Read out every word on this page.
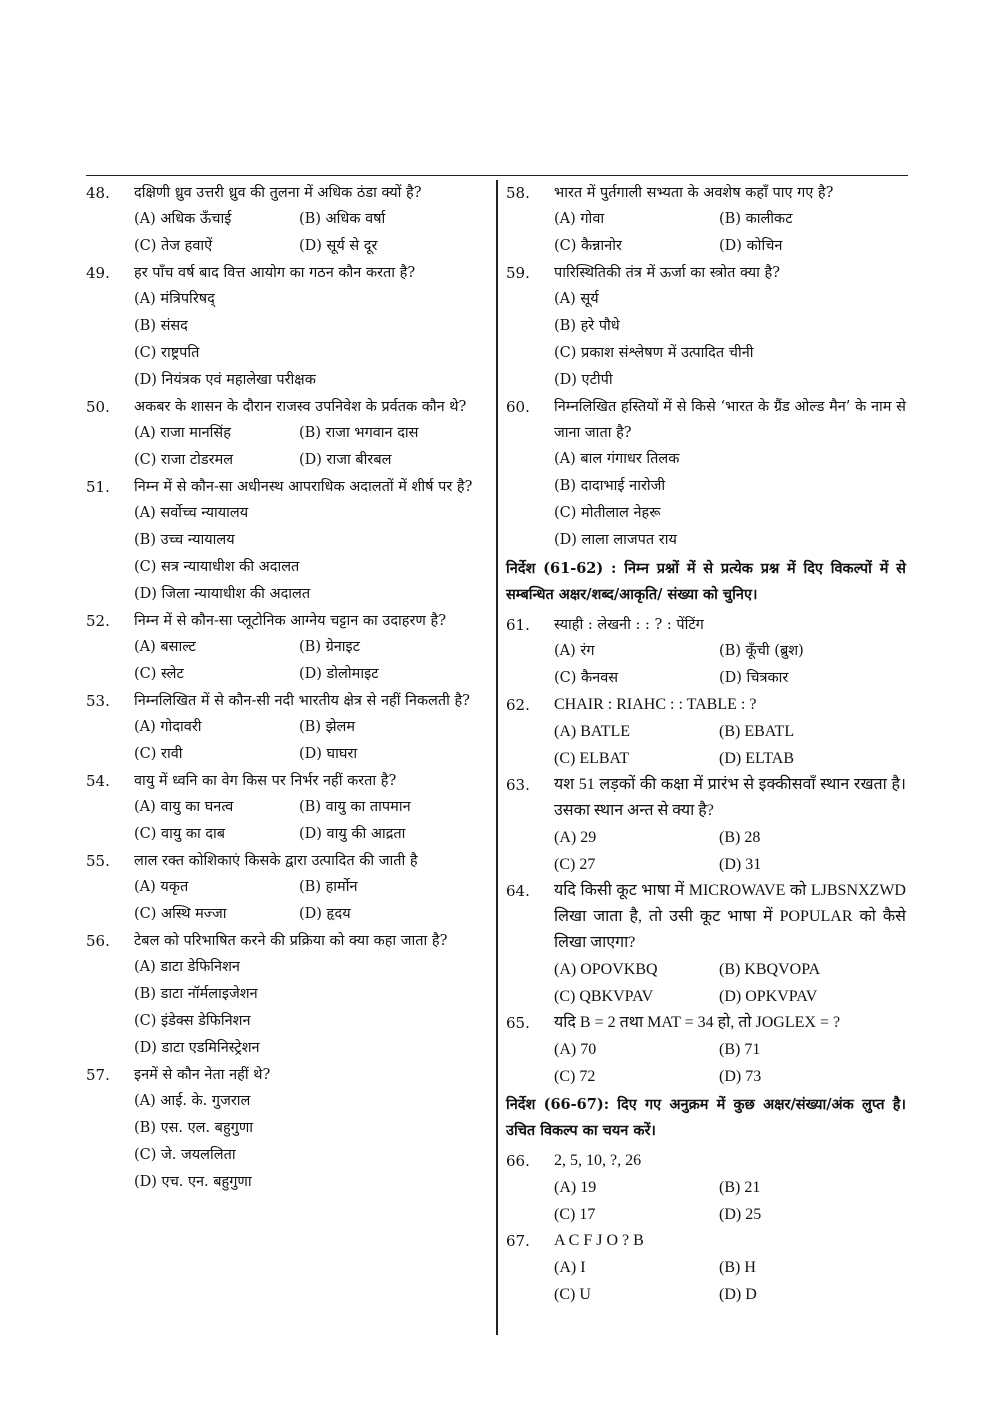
48.	दक्षिणी ध्रुव उत्तरी ध्रुव की तुलना में अधिक ठंडा क्यों है?
(A) अधिक ऊँचाई	(B) अधिक वर्षा
(C) तेज हवाऐं	(D) सूर्य से दूर
49.	हर पाँच वर्ष बाद वित्त आयोग का गठन कौन करता है?
(A) मंत्रिपरिषद्
(B) संसद
(C) राष्ट्रपति
(D) नियंत्रक एवं महालेखा परीक्षक
50.	अकबर के शासन के दौरान राजस्व उपनिवेश के प्रर्वतक कौन थे?
(A) राजा मानसिंह	(B) राजा भगवान दास
(C) राजा टोडरमल	(D) राजा बीरबल
51.	निम्न में से कौन-सा अधीनस्थ आपराधिक अदालतों में शीर्ष पर है?
(A) सर्वोच्च न्यायालय
(B) उच्च न्यायालय
(C) सत्र न्यायाधीश की अदालत
(D) जिला न्यायाधीश की अदालत
52.	निम्न में से कौन-सा प्लूटोनिक आग्नेय चट्टान का उदाहरण है?
(A) बसाल्ट	(B) ग्रेनाइट
(C) स्लेट	(D) डोलोमाइट
53.	निम्नलिखित में से कौन-सी नदी भारतीय क्षेत्र से नहीं निकलती है?
(A) गोदावरी	(B) झेलम
(C) रावी	(D) घाघरा
54.	वायु में ध्वनि का वेग किस पर निर्भर नहीं करता है?
(A) वायु का घनत्व	(B) वायु का तापमान
(C) वायु का दाब	(D) वायु की आद्रता
55.	लाल रक्त कोशिकाएं किसके द्वारा उत्पादित की जाती है
(A) यकृत	(B) हार्मोन
(C) अस्थि मज्जा	(D) हृदय
56.	टेबल को परिभाषित करने की प्रक्रिया को क्या कहा जाता है?
(A) डाटा डेफिनिशन
(B) डाटा नॉर्मलाइजेशन
(C) इंडेक्स डेफिनिशन
(D) डाटा एडमिनिस्ट्रेशन
57.	इनमें से कौन नेता नहीं थे?
(A) आई. के. गुजराल
(B) एस. एल. बहुगुणा
(C) जे. जयललिता
(D) एच. एन. बहुगुणा
58.	भारत में पुर्तगाली सभ्यता के अवशेष कहाँ पाए गए है?
(A) गोवा	(B) कालीकट
(C) कैन्नानोर	(D) कोचिन
59.	पारिस्थितिकी तंत्र में ऊर्जा का स्त्रोत क्या है?
(A) सूर्य
(B) हरे पौधे
(C) प्रकाश संश्लेषण में उत्पादित चीनी
(D) एटीपी
60.	निम्नलिखित हस्तियों में से किसे ‘भारत के ग्रैंड ओल्ड मैन’ के नाम से जाना जाता है?
(A) बाल गंगाधर तिलक
(B) दादाभाई नारोजी
(C) मोतीलाल नेहरू
(D) लाला लाजपत राय
निर्देश (61-62) : निम्न प्रश्नों में से प्रत्येक प्रश्न में दिए विकल्पों में से सम्बन्धित अक्षर/शब्द/आकृति/ संख्या को चुनिए।
61.	स्याही : लेखनी : : ? : पेंटिंग
(A) रंग	(B) कूँची (ब्रुश)
(C) कैनवस	(D) चित्रकार
62.	CHAIR : RIAHC : : TABLE : ?
(A) BATLE	(B) EBATL
(C) ELBAT	(D) ELTAB
63.	यश 51 लड़कों की कक्षा में प्रारंभ से इक्कीसवाँ स्थान रखता है। उसका स्थान अन्त से क्या है?
(A) 29	(B) 28
(C) 27	(D) 31
64.	यदि किसी कूट भाषा में MICROWAVE को LJBSNXZWD लिखा जाता है, तो उसी कूट भाषा में POPULAR को कैसे लिखा जाएगा?
(A) OPOVKBQ	(B) KBQVOPA
(C) QBKVPAV	(D) OPKVPAV
65.	यदि B = 2 तथा MAT = 34 हो, तो JOGLEX = ?
(A) 70	(B) 71
(C) 72	(D) 73
निर्देश (66-67): दिए गए अनुक्रम में कुछ अक्षर/संख्या/अंक लुप्त है। उचित विकल्प का चयन करें।
66.	2, 5, 10, ?, 26
(A) 19	(B) 21
(C) 17	(D) 25
67.	A C F J O ? B
(A) I	(B) H
(C) U	(D) D
